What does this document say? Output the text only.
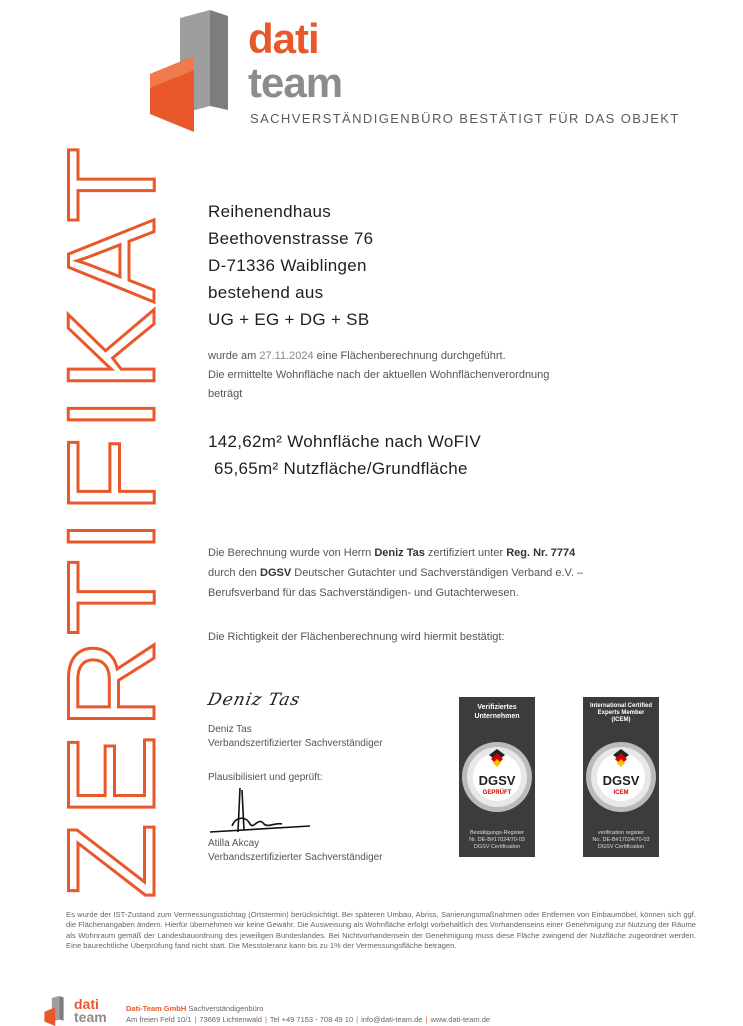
dati
team
SACHVERSTÄNDIGENBÜRO BESTÄTIGT FÜR DAS OBJEKT
ZERTIFIKAT Reihenendhaus
Beethovenstrasse 76
D-71336 Waiblingen
bestehend aus
UG + EG + DG + SB
wurde am 27.11.2024 eine Flächenberechnung durchgeführt.
Die ermittelte Wohnfläche nach der aktuellen Wohnflächenverordnung
beträgt
142,62m² Wohnfläche nach WoFIV
65,65m² Nutzfläche/Grundfläche
Die Berechnung wurde von Herrn Deniz Tas zertifiziert unter Reg. Nr. 7774
durch den DGSV Deutscher Gutachter und Sachverständigen Verband e.V. –
Berufsverband für das Sachverständigen- und Gutachterwesen.
Die Richtigkeit der Flächenberechnung wird hiermit bestätigt:
Deniz Tas
Deniz Tas
Verbandszertifizierter Sachverständiger
Plausibilisiert und geprüft:
Atilla Akcay
Verbandszertifizierter Sachverständiger
Verifiziertes
Unternehmen
DGSV
GEPRÜFT
Bestätigungs-Register
Nr. DE-B#17024/70-03
DGSV Certification
International Certified
Experts Member
(ICEM)
DGSV
ICEM
verification register
No. DE-B#17024/70-03
DGSV Certification
Es wurde der IST-Zustand zum Vermessungsstichtag (Ortstermin) berücksichtigt. Bei späteren Umbau, Abriss, Sanierungsmaßnahmen oder Entfernen von Einbaumöbel, können sich ggf. die Flächenangaben ändern. Hierfür übernehmen wir keine Gewähr. Die Ausweisung als Wohnfläche erfolgt vorbehaltlich des Vorhandenseins einer Genehmigung zur Nutzung der Räume als Wohnraum gemäß der Landesbauordnung des jeweiligen Bundeslandes. Bei Nichtvorhandensein der Genehmigung muss diese Fläche zwingend der Nutzfläche zugeordnet werden. Eine baurechtliche Überprüfung fand nicht statt. Die Messtoleranz kann bis zu 1% der Vermessungsfläche betragen.
dati
team
Dati-Team GmbH Sachverständigenbüro
Am freien Feld 10/1 | 73669 Lichtenwald | Tel +49 7153 - 708 49 10 | info@dati-team.de | www.dati-team.de
